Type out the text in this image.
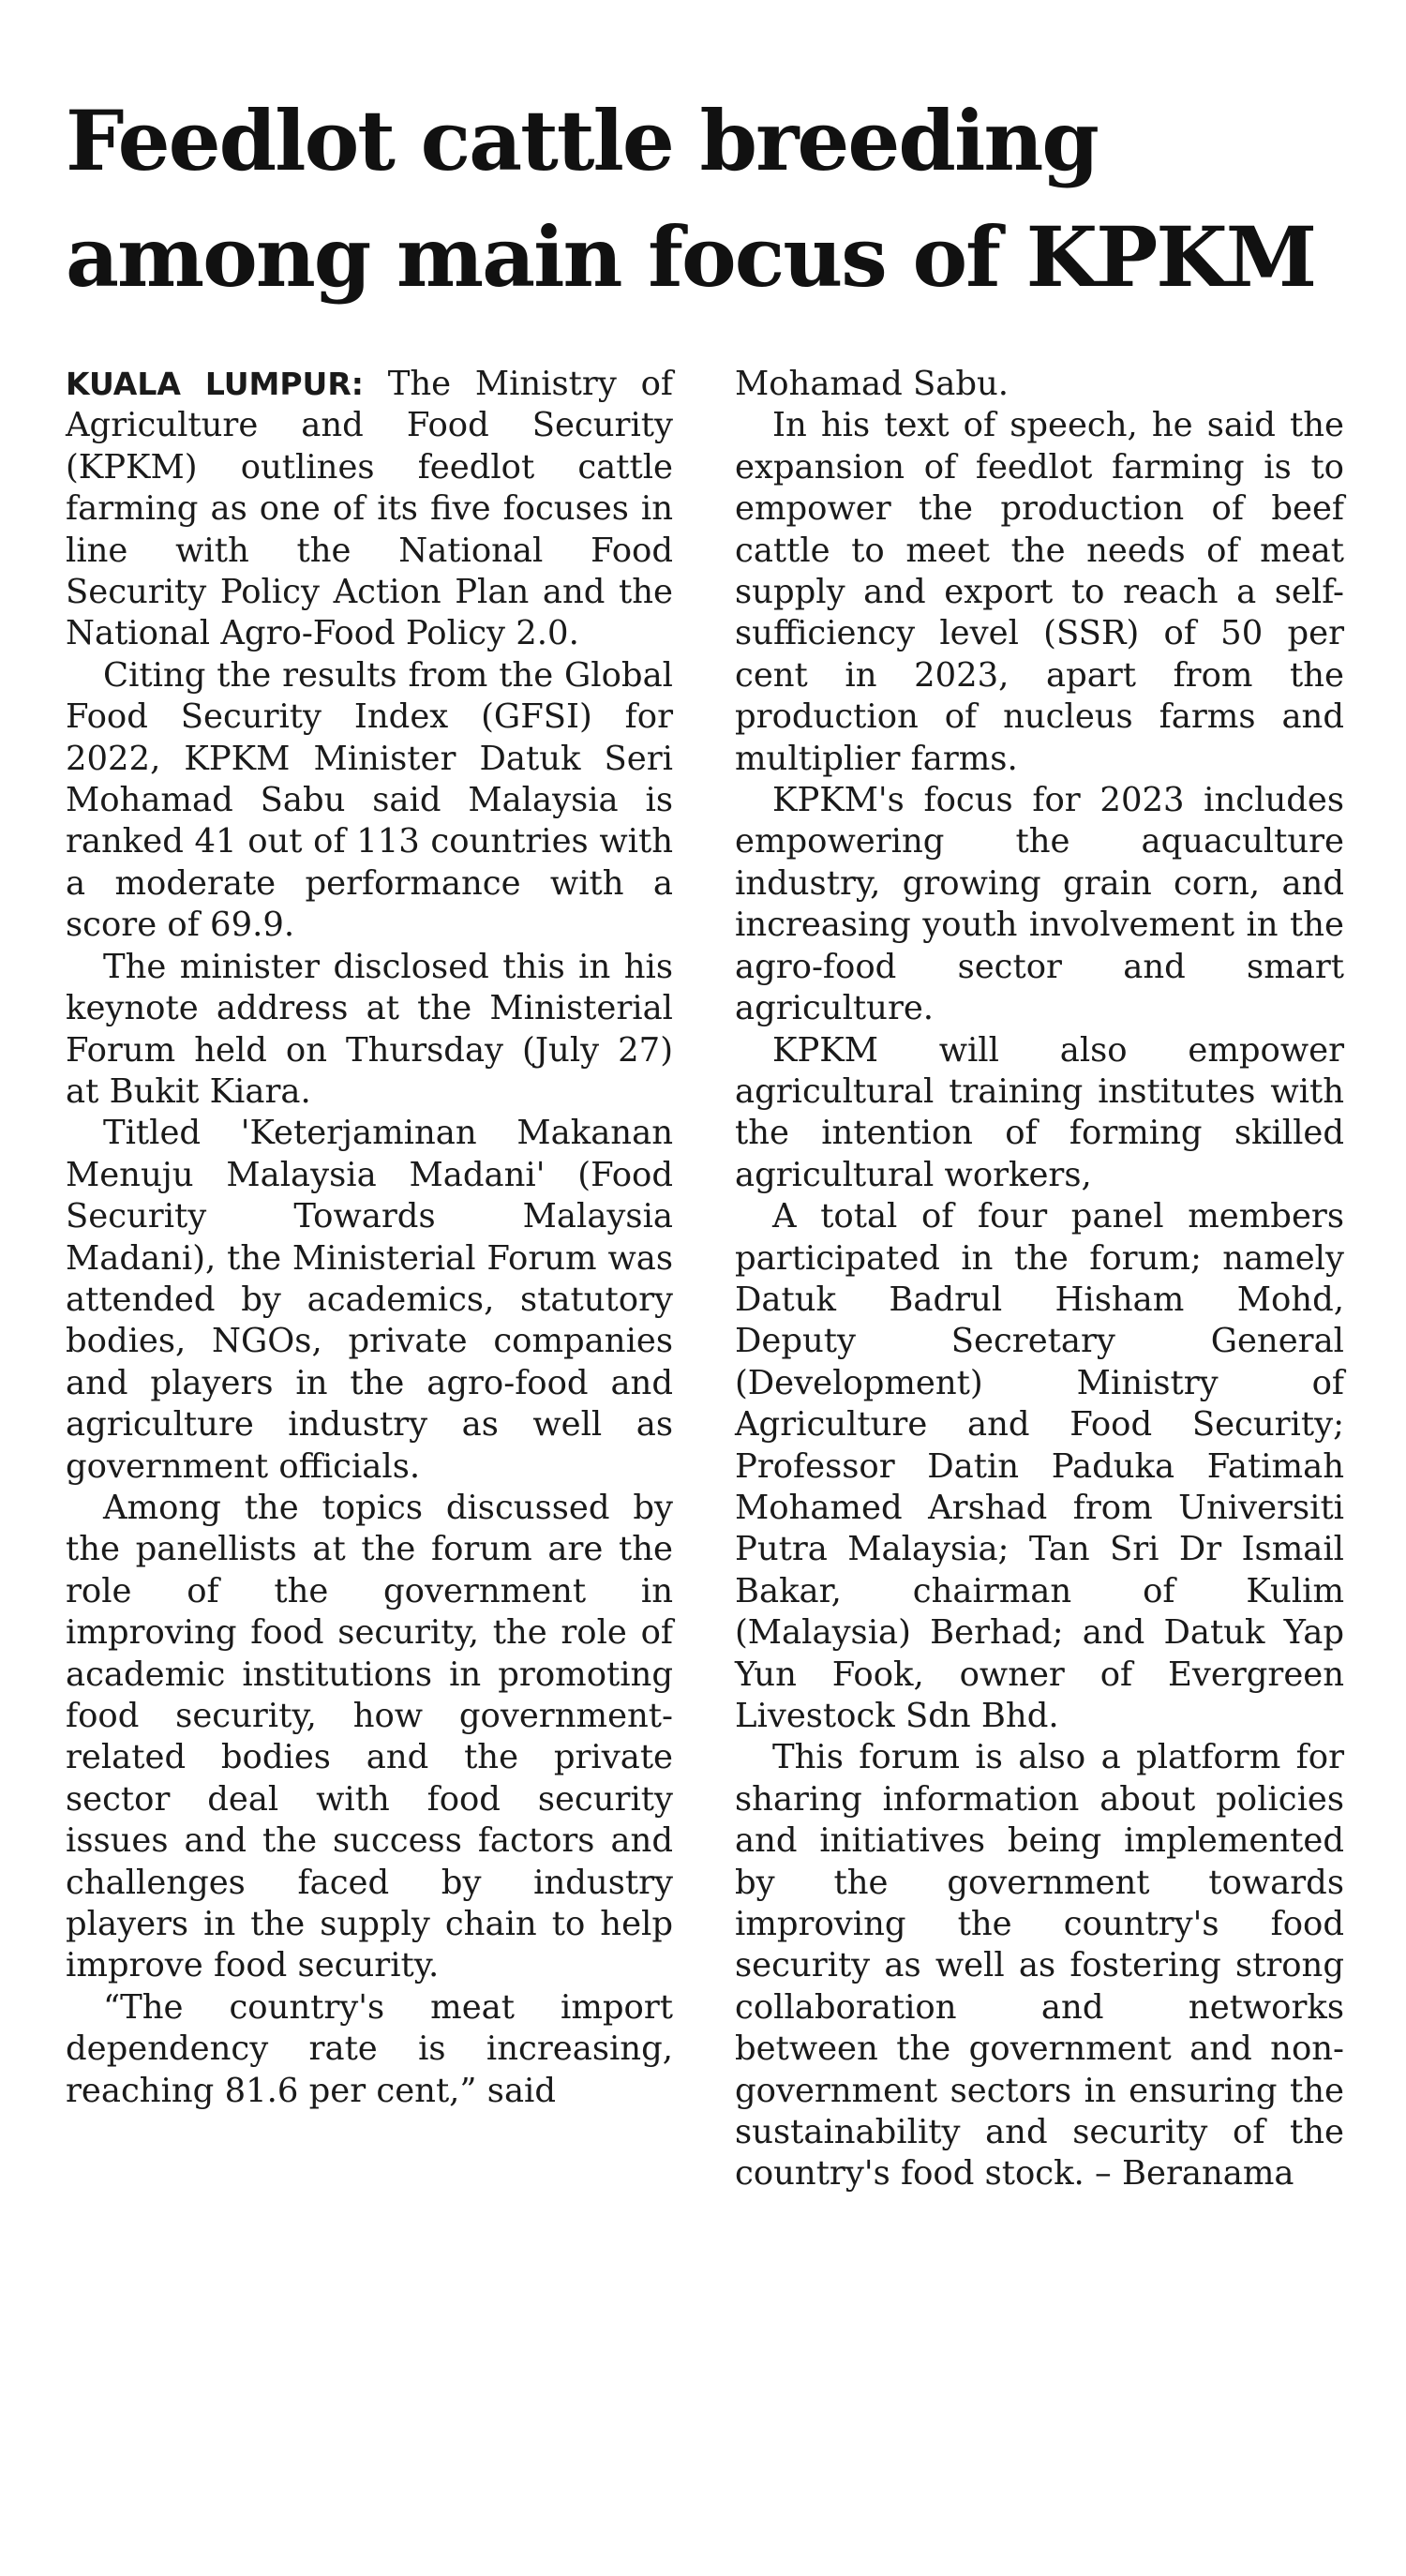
Feedlot cattle breeding
among main focus of KPKM

KUALA LUMPUR: The Ministry of Agriculture and Food Security (KPKM) outlines feedlot cattle farming as one of its five focuses in line with the National Food Security Policy Action Plan and the National Agro-Food Policy 2.0.

Citing the results from the Global Food Security Index (GFSI) for 2022, KPKM Minister Datuk Seri Mohamad Sabu said Malaysia is ranked 41 out of 113 countries with a moderate performance with a score of 69.9.

The minister disclosed this in his keynote address at the Ministerial Forum held on Thursday (July 27) at Bukit Kiara.

Titled 'Keterjaminan Makanan Menuju Malaysia Madani' (Food Security Towards Malaysia Madani), the Ministerial Forum was attended by academics, statutory bodies, NGOs, private companies and players in the agro-food and agriculture industry as well as government officials.

Among the topics discussed by the panellists at the forum are the role of the government in improving food security, the role of academic institutions in promoting food security, how government-related bodies and the private sector deal with food security issues and the success factors and challenges faced by industry players in the supply chain to help improve food security.

“The country's meat import dependency rate is increasing, reaching 81.6 per cent,” said

Mohamad Sabu.

In his text of speech, he said the expansion of feedlot farming is to empower the production of beef cattle to meet the needs of meat supply and export to reach a self-sufficiency level (SSR) of 50 per cent in 2023, apart from the production of nucleus farms and multiplier farms.

KPKM's focus for 2023 includes empowering the aquaculture industry, growing grain corn, and increasing youth involvement in the agro-food sector and smart agriculture.

KPKM will also empower agricultural training institutes with the intention of forming skilled agricultural workers,

A total of four panel members participated in the forum; namely Datuk Badrul Hisham Mohd, Deputy Secretary General (Development) Ministry of Agriculture and Food Security; Professor Datin Paduka Fatimah Mohamed Arshad from Universiti Putra Malaysia; Tan Sri Dr Ismail Bakar, chairman of Kulim (Malaysia) Berhad; and Datuk Yap Yun Fook, owner of Evergreen Livestock Sdn Bhd.

This forum is also a platform for sharing information about policies and initiatives being implemented by the government towards improving the country's food security as well as fostering strong collaboration and networks between the government and non-government sectors in ensuring the sustainability and security of the country's food stock. – Beranama
